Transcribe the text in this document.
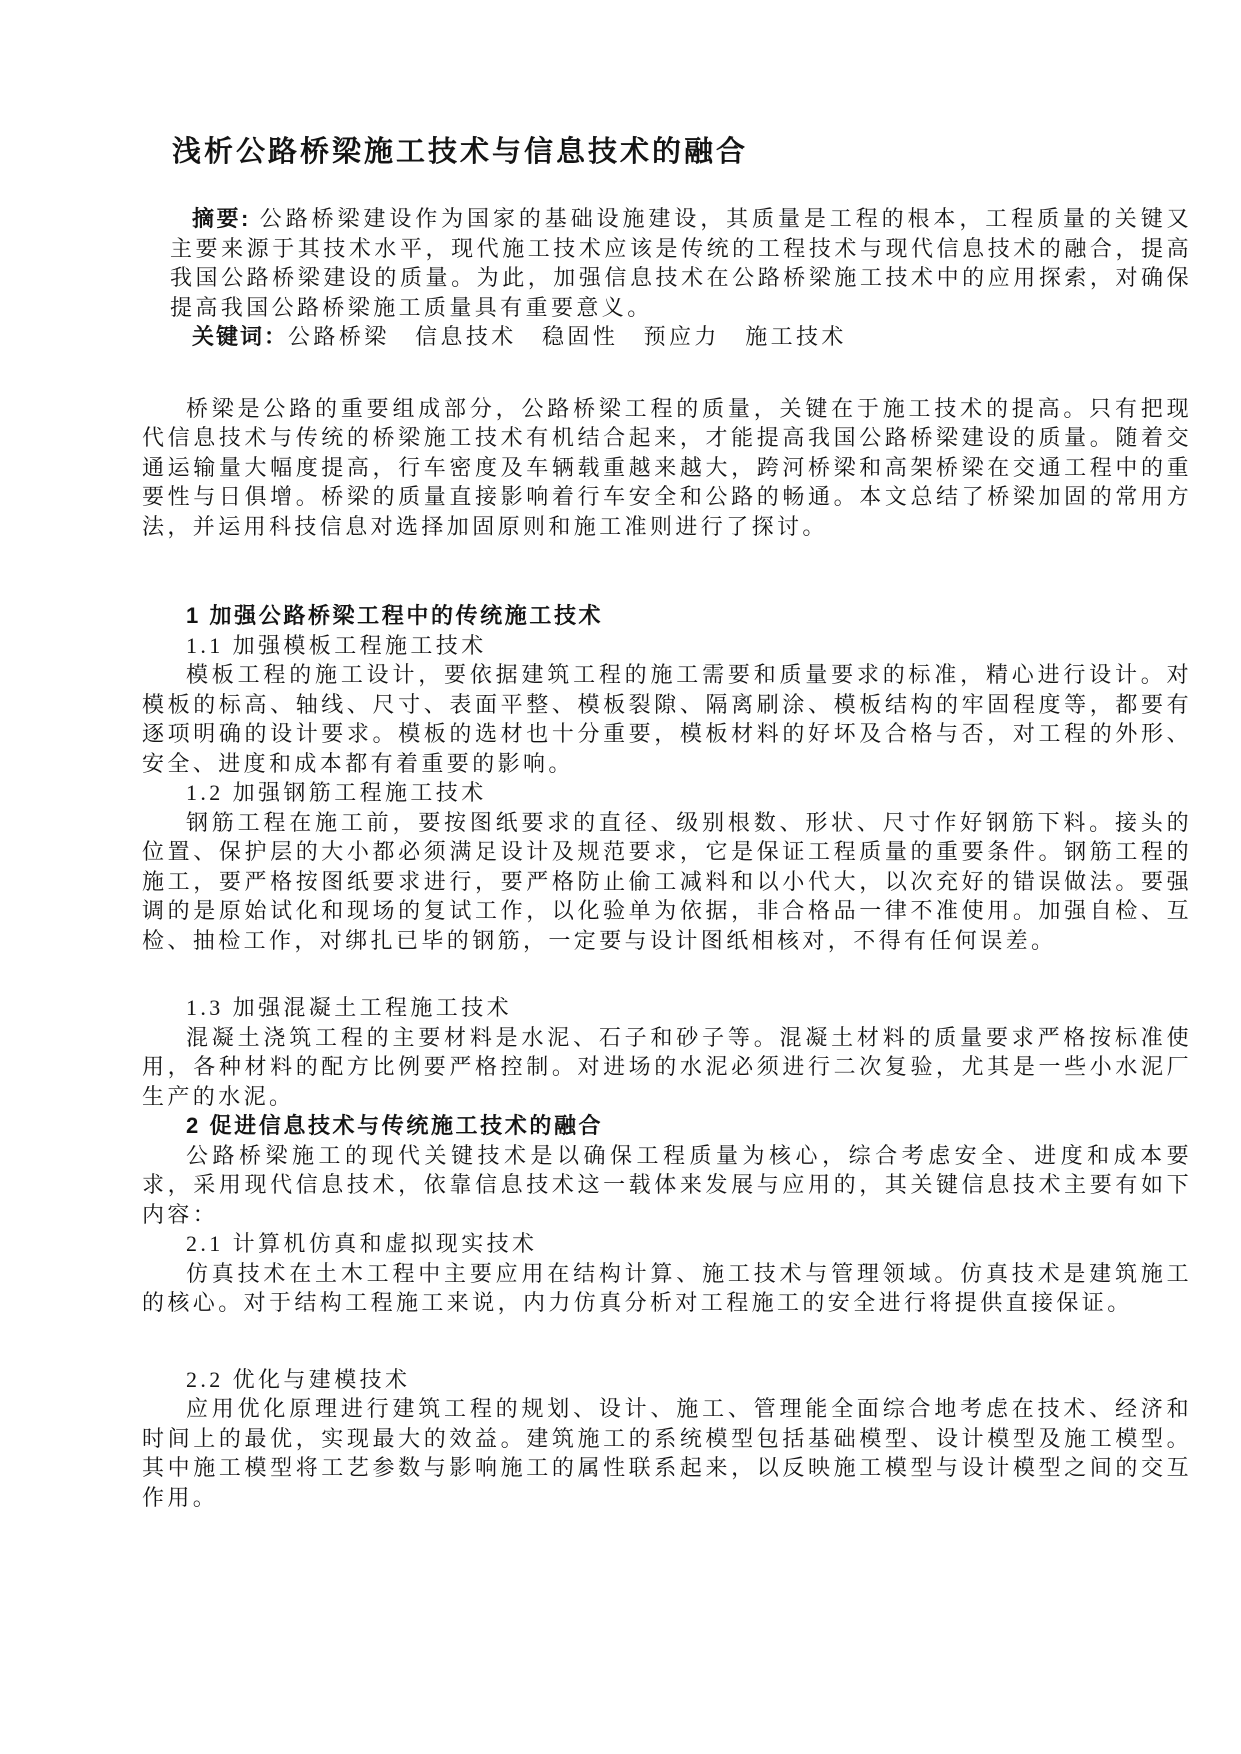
浅析公路桥梁施工技术与信息技术的融合

摘要: 公路桥梁建设作为国家的基础设施建设，其质量是工程的根本，工程质量的关键又主要来源于其技术水平，现代施工技术应该是传统的工程技术与现代信息技术的融合，提高我国公路桥梁建设的质量。为此，加强信息技术在公路桥梁施工技术中的应用探索，对确保提高我国公路桥梁施工质量具有重要意义。

关键词：公路桥梁　信息技术　稳固性　预应力　施工技术

桥梁是公路的重要组成部分，公路桥梁工程的质量，关键在于施工技术的提高。只有把现代信息技术与传统的桥梁施工技术有机结合起来，才能提高我国公路桥梁建设的质量。随着交通运输量大幅度提高，行车密度及车辆载重越来越大，跨河桥梁和高架桥梁在交通工程中的重要性与日俱增。桥梁的质量直接影响着行车安全和公路的畅通。本文总结了桥梁加固的常用方法，并运用科技信息对选择加固原则和施工准则进行了探讨。

1 加强公路桥梁工程中的传统施工技术
1.1 加强模板工程施工技术

模板工程的施工设计，要依据建筑工程的施工需要和质量要求的标准，精心进行设计。对模板的标高、轴线、尺寸、表面平整、模板裂隙、隔离刷涂、模板结构的牢固程度等，都要有逐项明确的设计要求。模板的选材也十分重要，模板材料的好坏及合格与否，对工程的外形、安全、进度和成本都有着重要的影响。

1.2 加强钢筋工程施工技术

钢筋工程在施工前，要按图纸要求的直径、级别根数、形状、尺寸作好钢筋下料。接头的位置、保护层的大小都必须满足设计及规范要求，它是保证工程质量的重要条件。钢筋工程的施工，要严格按图纸要求进行，要严格防止偷工减料和以小代大，以次充好的错误做法。要强调的是原始试化和现场的复试工作，以化验单为依据，非合格品一律不准使用。加强自检、互检、抽检工作，对绑扎已毕的钢筋，一定要与设计图纸相核对，不得有任何误差。

1.3 加强混凝土工程施工技术

混凝土浇筑工程的主要材料是水泥、石子和砂子等。混凝土材料的质量要求严格按标准使用，各种材料的配方比例要严格控制。对进场的水泥必须进行二次复验，尤其是一些小水泥厂生产的水泥。

2 促进信息技术与传统施工技术的融合

公路桥梁施工的现代关键技术是以确保工程质量为核心，综合考虑安全、进度和成本要求，采用现代信息技术，依靠信息技术这一载体来发展与应用的，其关键信息技术主要有如下内容：

2.1 计算机仿真和虚拟现实技术

仿真技术在土木工程中主要应用在结构计算、施工技术与管理领域。仿真技术是建筑施工的核心。对于结构工程施工来说，内力仿真分析对工程施工的安全进行将提供直接保证。

2.2 优化与建模技术

应用优化原理进行建筑工程的规划、设计、施工、管理能全面综合地考虑在技术、经济和时间上的最优，实现最大的效益。建筑施工的系统模型包括基础模型、设计模型及施工模型。其中施工模型将工艺参数与影响施工的属性联系起来，以反映施工模型与设计模型之间的交互作用。
